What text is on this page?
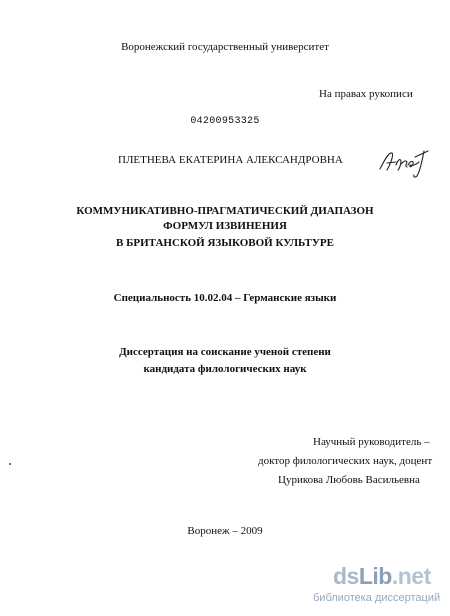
Воронежский государственный университет
На правах рукописи
04200953325
ПЛЕТНЕВА ЕКАТЕРИНА АЛЕКСАНДРОВНА
КОММУНИКАТИВНО-ПРАГМАТИЧЕСКИЙ ДИАПАЗОН
ФОРМУЛ ИЗВИНЕНИЯ
В БРИТАНСКОЙ ЯЗЫКОВОЙ КУЛЬТУРЕ
Специальность 10.02.04 – Германские языки
Диссертация на соискание ученой степени
кандидата филологических наук
Научный руководитель –
доктор филологических наук, доцент
Цурикова Любовь Васильевна
Воронеж – 2009
dsLib.net
библиотека диссертаций
